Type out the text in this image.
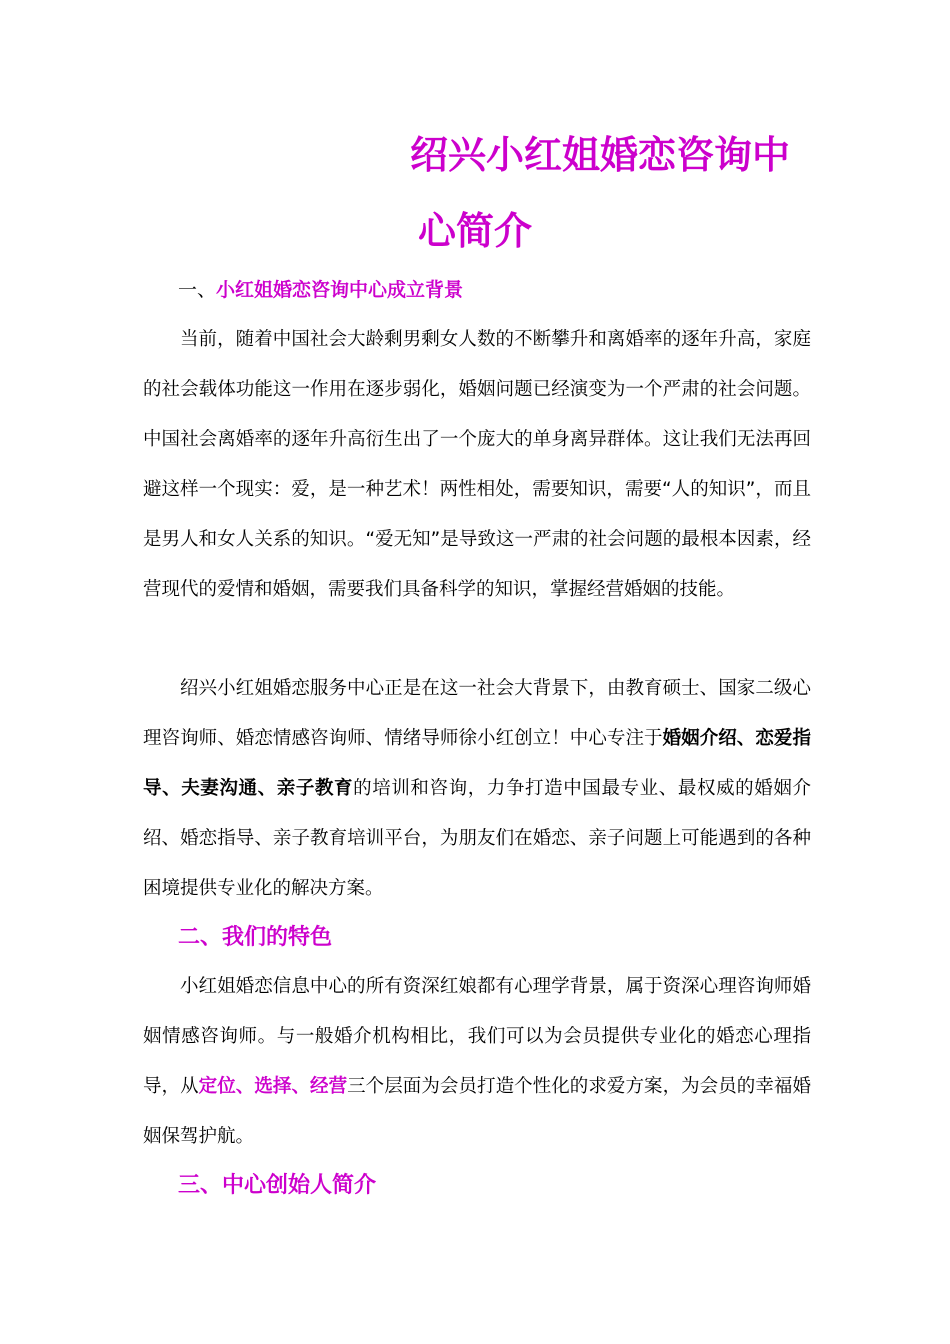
绍兴小红姐婚恋咨询中
心简介
一、小红姐婚恋咨询中心成立背景

当前，随着中国社会大龄剩男剩女人数的不断攀升和离婚率的逐年升高，家庭的社会载体功能这一作用在逐步弱化，婚姻问题已经演变为一个严肃的社会问题。中国社会离婚率的逐年升高衍生出了一个庞大的单身离异群体。这让我们无法再回避这样一个现实：爱，是一种艺术！两性相处，需要知识，需要“人的知识”，而且是男人和女人关系的知识。“爱无知”是导致这一严肃的社会问题的最根本因素，经营现代的爱情和婚姻，需要我们具备科学的知识，掌握经营婚姻的技能。

绍兴小红姐婚恋服务中心正是在这一社会大背景下，由教育硕士、国家二级心理咨询师、婚恋情感咨询师、情绪导师徐小红创立！中心专注于婚姻介绍、恋爱指导、夫妻沟通、亲子教育的培训和咨询，力争打造中国最专业、最权威的婚姻介绍、婚恋指导、亲子教育培训平台，为朋友们在婚恋、亲子问题上可能遇到的各种困境提供专业化的解决方案。

二、我们的特色

小红姐婚恋信息中心的所有资深红娘都有心理学背景，属于资深心理咨询师婚姻情感咨询师。与一般婚介机构相比，我们可以为会员提供专业化的婚恋心理指导，从定位、选择、经营三个层面为会员打造个性化的求爱方案，为会员的幸福婚姻保驾护航。

三、中心创始人简介
